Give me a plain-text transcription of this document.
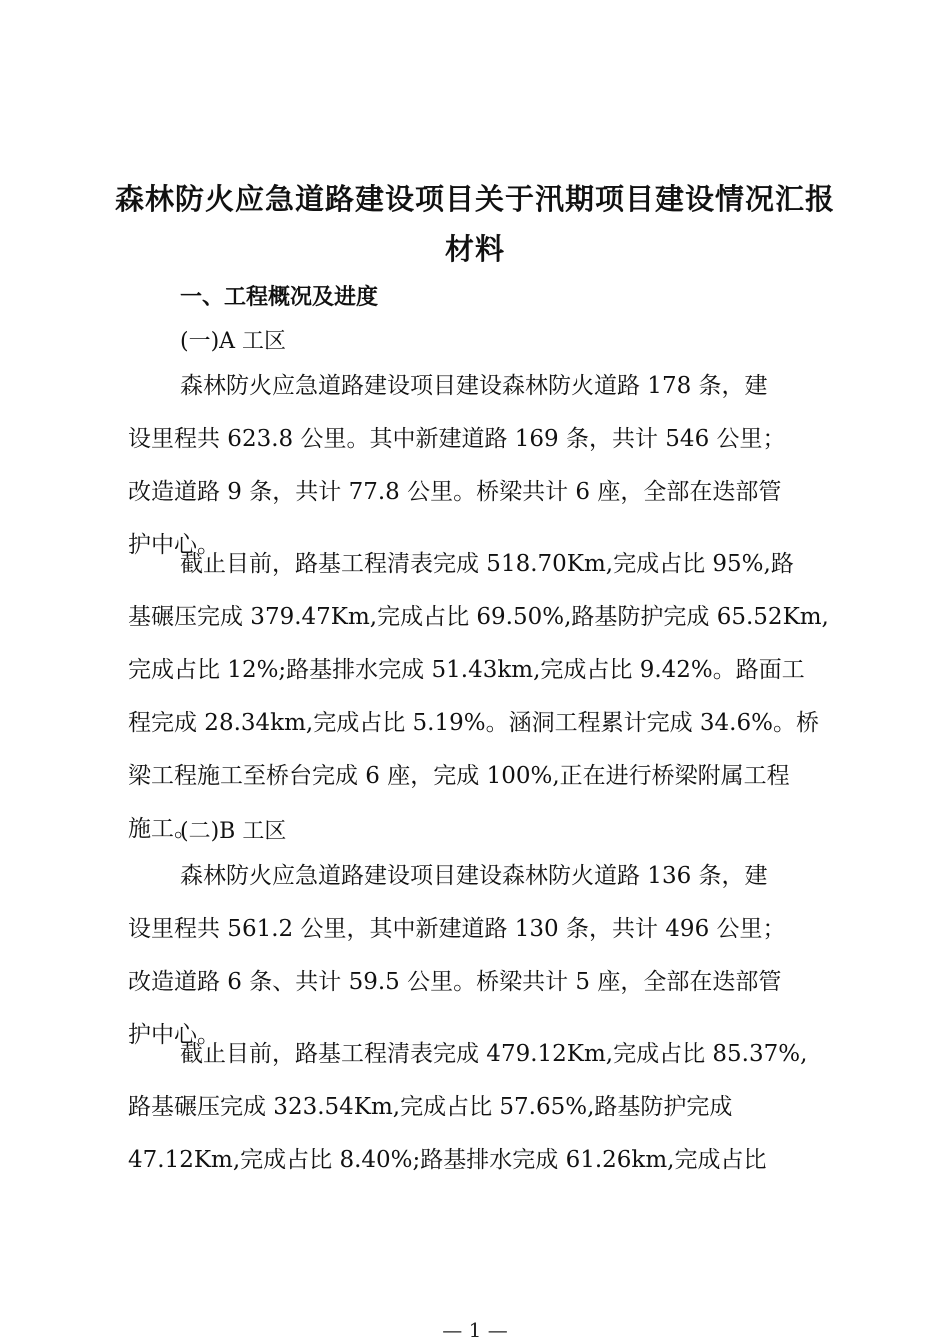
森林防火应急道路建设项目关于汛期项目建设情况汇报
材料
一、工程概况及进度
(一)A 工区
森林防火应急道路建设项目建设森林防火道路 178 条，建
设里程共 623.8 公里。其中新建道路 169 条，共计 546 公里；
改造道路 9 条，共计 77.8 公里。桥梁共计 6 座，全部在迭部管
护中心。
截止目前，路基工程清表完成 518.70Km,完成占比 95%,路
基碾压完成 379.47Km,完成占比 69.50%,路基防护完成 65.52Km,
完成占比 12%;路基排水完成 51.43km,完成占比 9.42%。路面工
程完成 28.34km,完成占比 5.19%。涵洞工程累计完成 34.6%。桥
梁工程施工至桥台完成 6 座，完成 100%,正在进行桥梁附属工程
施工。
(二)B 工区
森林防火应急道路建设项目建设森林防火道路 136 条，建
设里程共 561.2 公里，其中新建道路 130 条，共计 496 公里；
改造道路 6 条、共计 59.5 公里。桥梁共计 5 座，全部在迭部管
护中心。
截止目前，路基工程清表完成 479.12Km,完成占比 85.37%,
路基碾压完成 323.54Km,完成占比 57.65%,路基防护完成
47.12Km,完成占比 8.40%;路基排水完成 61.26km,完成占比
— 1 —
